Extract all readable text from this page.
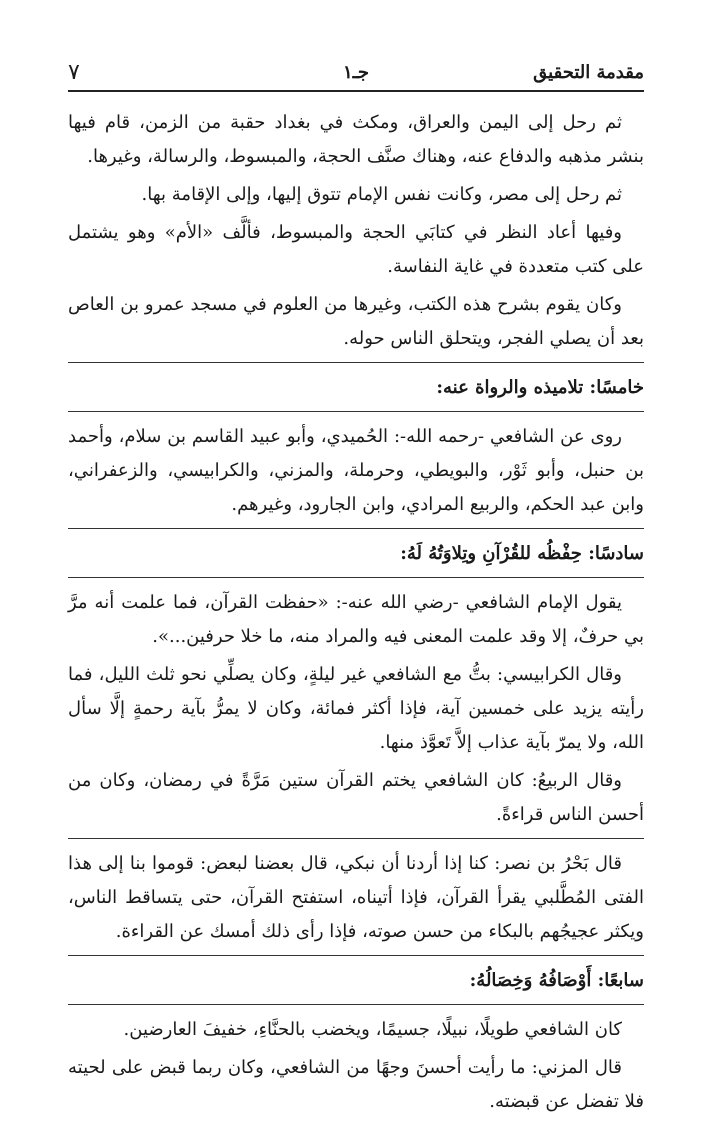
مقدمة التحقيق
جـ١
٧

ثم رحل إلى اليمن والعراق، ومكث في بغداد حقبة من الزمن، قام فيها بنشر مذهبه والدفاع عنه، وهناك صنَّف الحجة، والمبسوط، والرسالة، وغيرها.

ثم رحل إلى مصر، وكانت نفس الإمام تتوق إليها، وإلى الإقامة بها.

وفيها أعاد النظر في كتابَي الحجة والمبسوط، فألَّف «الأم» وهو يشتمل على كتب متعددة في غاية النفاسة.

وكان يقوم بشرح هذه الكتب، وغيرها من العلوم في مسجد عمرو بن العاص بعد أن يصلي الفجر، ويتحلق الناس حوله.

خامسًا: تلاميذه والرواة عنه:

روى عن الشافعي -رحمه الله-: الحُميدي، وأبو عبيد القاسم بن سلام، وأحمد بن حنبل، وأبو ثَوْر، والبويطي، وحرملة، والمزني، والكرابيسي، والزعفراني، وابن عبد الحكم، والربيع المرادي، وابن الجارود، وغيرهم.

سادسًا: حِفْظُه للقُرْآنِ وتِلاوَتُهُ لَهُ:

يقول الإمام الشافعي -رضي الله عنه-: «حفظت القرآن، فما علمت أنه مرَّ بي حرفٌ، إلا وقد علمت المعنى فيه والمراد منه، ما خلا حرفين...».

وقال الكرابيسي: بتُّ مع الشافعي غير ليلةٍ، وكان يصلِّي نحو ثلث الليل، فما رأيته يزيد على خمسين آية، فإذا أكثر فمائة، وكان لا يمرُّ بآية رحمةٍ إلَّا سأل الله، ولا يمرّ بآية عذاب إلاَّ تَعوَّذ منها.

وقال الربيعُ: كان الشافعي يختم القرآن ستين مَرَّةً في رمضان، وكان من أحسن الناس قراءةً.

قال بَحْرُ بن نصر: كنا إذا أردنا أن نبكي، قال بعضنا لبعض: قوموا بنا إلى هذا الفتى المُطَّلبي يقرأ القرآن، فإذا أتيناه، استفتح القرآن، حتى يتساقط الناس، ويكثر عجيجُهم بالبكاء من حسن صوته، فإذا رأى ذلك أمسك عن القراءة.

سابعًا: أَوْصَافُهُ وَخِصَالُهُ:

كان الشافعي طويلًا، نبيلًا، جسيمًا، ويخضب بالحنَّاءِ، خفيفَ العارضين.

قال المزني: ما رأيت أحسنَ وجهًا من الشافعي، وكان ربما قبض على لحيته فلا تفضل عن قبضته.
